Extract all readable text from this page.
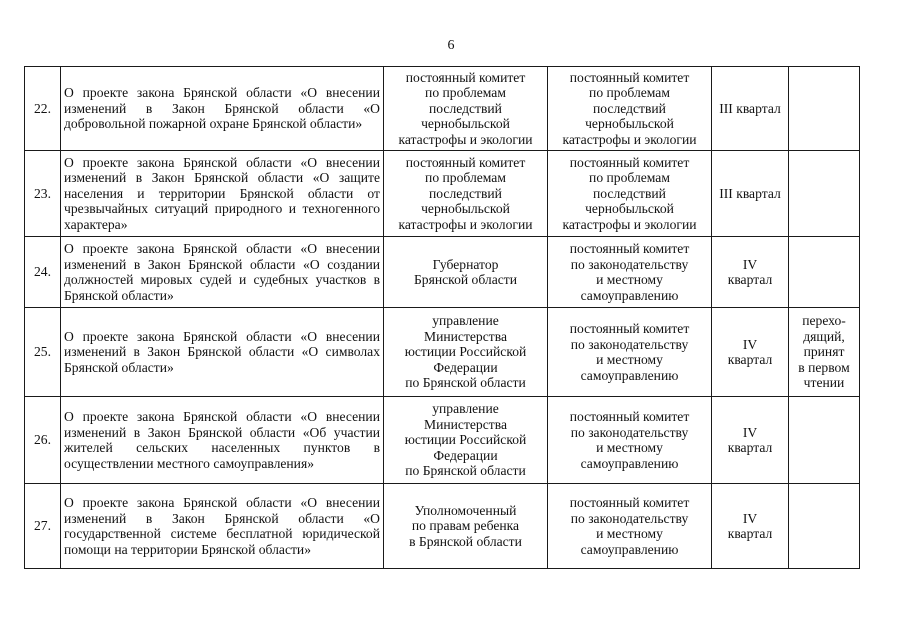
6
22.	О проекте закона Брянской области «О внесении изменений в Закон Брянской области «О добровольной пожарной охране Брянской области»	постоянный комитет
по проблемам
последствий
чернобыльской
катастрофы и экологии	постоянный комитет
по проблемам
последствий
чернобыльской
катастрофы и экологии	III квартал	

23.	О проекте закона Брянской области «О внесении изменений в Закон Брянской области «О защите населения и территории Брянской области от чрезвычайных ситуаций природного и техногенного характера»	постоянный комитет
по проблемам
последствий
чернобыльской
катастрофы и экологии	постоянный комитет
по проблемам
последствий
чернобыльской
катастрофы и экологии	III квартал	

24.	О проекте закона Брянской области «О внесении изменений в Закон Брянской области «О создании должностей мировых судей и судебных участков в Брянской области»	Губернатор
Брянской области	постоянный комитет
по законодательству
и местному
самоуправлению	IV
квартал	

25.	О проекте закона Брянской области «О внесении изменений в Закон Брянской области «О символах Брянской области»	управление
Министерства
юстиции Российской
Федерации
по Брянской области	постоянный комитет
по законодательству
и местному
самоуправлению	IV
квартал	перехо-
дящий,
принят
в первом
чтении

26.	О проекте закона Брянской области «О внесении изменений в Закон Брянской области «Об участии жителей сельских населенных пунктов в осуществлении местного самоуправления»	управление
Министерства
юстиции Российской
Федерации
по Брянской области	постоянный комитет
по законодательству
и местному
самоуправлению	IV
квартал	

27.	О проекте закона Брянской области «О внесении изменений в Закон Брянской области «О государственной системе бесплатной юридической помощи на территории Брянской области»	Уполномоченный
по правам ребенка
в Брянской области	постоянный комитет
по законодательству
и местному
самоуправлению	IV
квартал	
